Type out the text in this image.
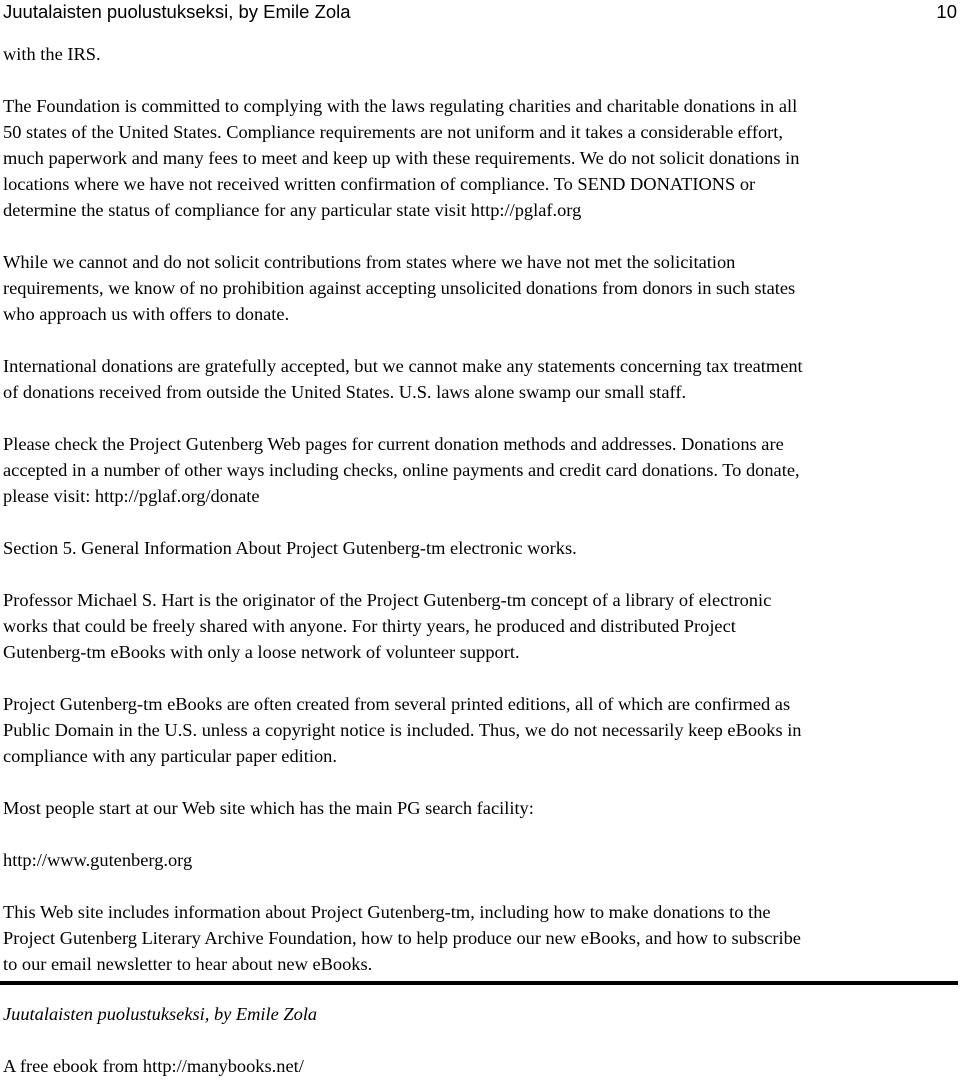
Juutalaisten puolustukseksi, by Emile Zola	10

with the IRS.

The Foundation is committed to complying with the laws regulating charities and charitable donations in all
50 states of the United States. Compliance requirements are not uniform and it takes a considerable effort,
much paperwork and many fees to meet and keep up with these requirements. We do not solicit donations in
locations where we have not received written confirmation of compliance. To SEND DONATIONS or
determine the status of compliance for any particular state visit http://pglaf.org

While we cannot and do not solicit contributions from states where we have not met the solicitation
requirements, we know of no prohibition against accepting unsolicited donations from donors in such states
who approach us with offers to donate.

International donations are gratefully accepted, but we cannot make any statements concerning tax treatment
of donations received from outside the United States. U.S. laws alone swamp our small staff.

Please check the Project Gutenberg Web pages for current donation methods and addresses. Donations are
accepted in a number of other ways including checks, online payments and credit card donations. To donate,
please visit: http://pglaf.org/donate

Section 5. General Information About Project Gutenberg-tm electronic works.

Professor Michael S. Hart is the originator of the Project Gutenberg-tm concept of a library of electronic
works that could be freely shared with anyone. For thirty years, he produced and distributed Project
Gutenberg-tm eBooks with only a loose network of volunteer support.

Project Gutenberg-tm eBooks are often created from several printed editions, all of which are confirmed as
Public Domain in the U.S. unless a copyright notice is included. Thus, we do not necessarily keep eBooks in
compliance with any particular paper edition.

Most people start at our Web site which has the main PG search facility:

http://www.gutenberg.org

This Web site includes information about Project Gutenberg-tm, including how to make donations to the
Project Gutenberg Literary Archive Foundation, how to help produce our new eBooks, and how to subscribe
to our email newsletter to hear about new eBooks.

Juutalaisten puolustukseksi, by Emile Zola
A free ebook from http://manybooks.net/
